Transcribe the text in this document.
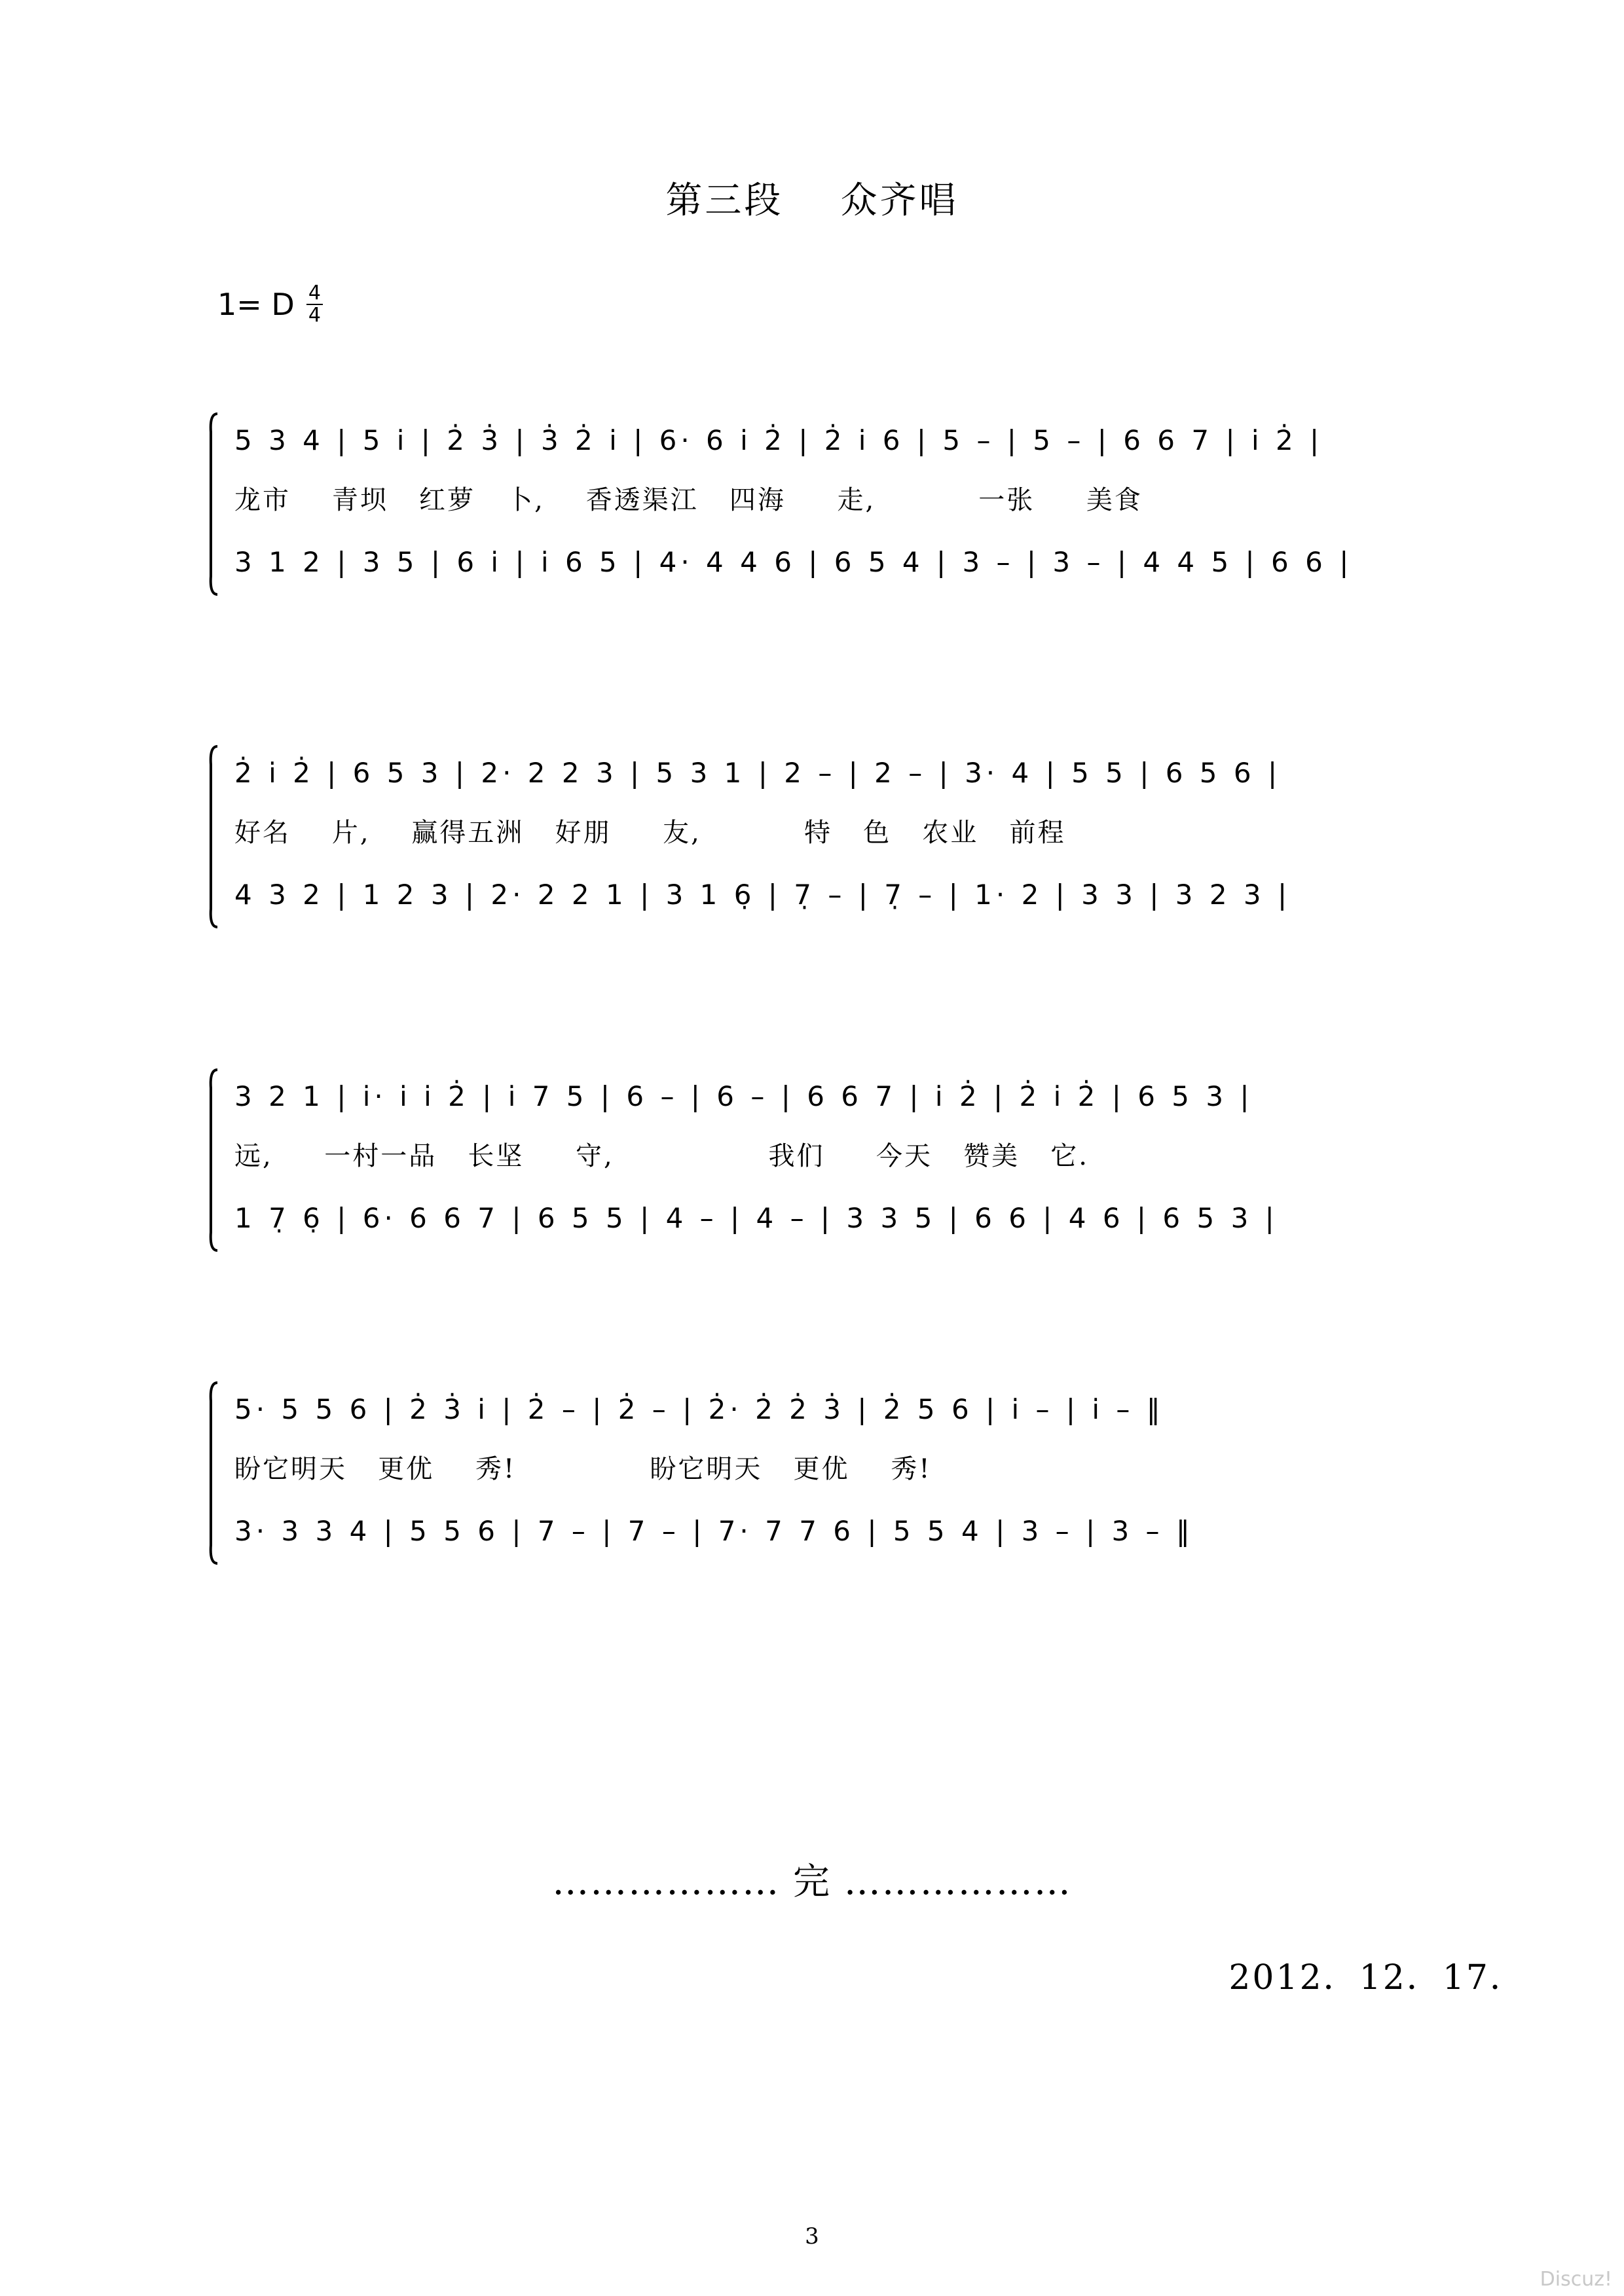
第三段    众齐唱
1= D $\frac{4}{4}$
5 3 4 | 5 i̇ | 2̇ 3̇ | 3̇ 2̇ i̇ | 6· 6 i̇ 2̇ | 2̇ i̇ 6 | 5 – | 5 – | 6 6 7 | i̇ 2̇ |
龙市    青坝   红萝   卜,    香透渠江   四海     走,          一张     美食
3 1 2 | 3 5 | 6 i̇ | i̇ 6 5 | 4· 4 4 6 | 6 5 4 | 3 – | 3 – | 4 4 5 | 6 6 |
2̇ i̇ 2̇ | 6 5 3 | 2· 2 2 3 | 5 3 1 | 2 – | 2 – | 3· 4 | 5 5 | 6 5 6 |
好名    片,    赢得五洲   好朋     友,          特   色   农业   前程
4 3 2 | 1 2 3 | 2· 2 2 1 | 3 1 6̣ | 7̣ – | 7̣ – | 1· 2 | 3 3 | 3 2 3 |
3 2 1 | i̇· i̇ i̇ 2̇ | i̇ 7 5 | 6 – | 6 – | 6 6 7 | i̇ 2̇ | 2̇ i̇ 2̇ | 6 5 3 |
远,     一村一品   长坚     守,               我们     今天   赞美   它.
1 7̣ 6̣ | 6· 6 6 7 | 6 5 5 | 4 – | 4 – | 3 3 5 | 6 6 | 4 6 | 6 5 3 |
5· 5 5 6 | 2̇ 3̇ i̇ | 2̇ – | 2̇ – | 2̇· 2̇ 2̇ 3̇ | 2̇ 5 6 | i̇ – | i̇ – ‖
盼它明天   更优    秀!             盼它明天   更优    秀!
3· 3 3 4 | 5 5 6 | 7 – | 7 – | 7· 7 7 6 | 5 5 4 | 3 – | 3 – ‖
……………… 完 ………………
2012．12．17．
3
Discuz!
